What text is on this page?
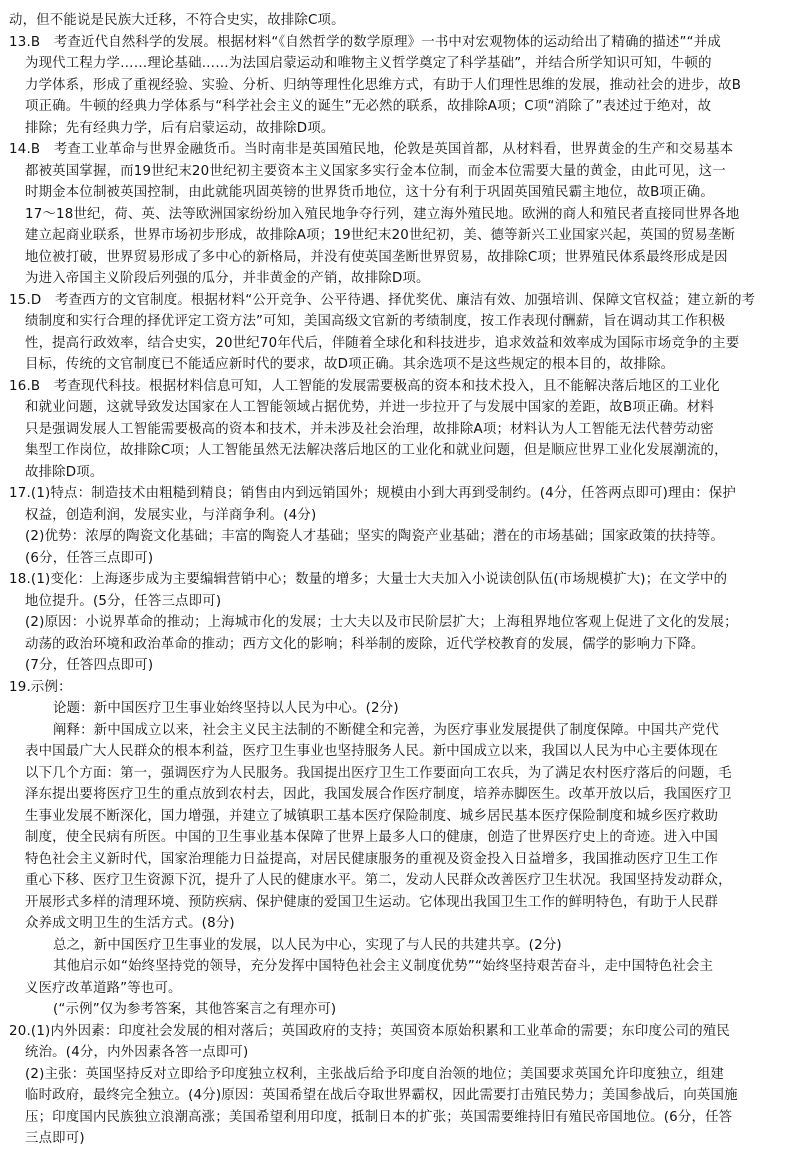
动，但不能说是民族大迁移，不符合史实，故排除C项。
13.B　考查近代自然科学的发展。根据材料“《自然哲学的数学原理》一书中对宏观物体的运动给出了精确的描述”“并成
为现代工程力学……理论基础……为法国启蒙运动和唯物主义哲学奠定了科学基础”，并结合所学知识可知，牛顿的
力学体系，形成了重视经验、实验、分析、归纳等理性化思维方式，有助于人们理性思维的发展，推动社会的进步，故B
项正确。牛顿的经典力学体系与“科学社会主义的诞生”无必然的联系，故排除A项；C项“消除了”表述过于绝对，故
排除；先有经典力学，后有启蒙运动，故排除D项。
14.B　考查工业革命与世界金融货币。当时南非是英国殖民地，伦敦是英国首都，从材料看，世界黄金的生产和交易基本
都被英国掌握，而19世纪末20世纪初主要资本主义国家多实行金本位制，而金本位需要大量的黄金，由此可见，这一
时期金本位制被英国控制，由此就能巩固英镑的世界货币地位，这十分有利于巩固英国殖民霸主地位，故B项正确。
17～18世纪，荷、英、法等欧洲国家纷纷加入殖民地争夺行列，建立海外殖民地。欧洲的商人和殖民者直接同世界各地
建立起商业联系，世界市场初步形成，故排除A项；19世纪末20世纪初，美、德等新兴工业国家兴起，英国的贸易垄断
地位被打破，世界贸易形成了多中心的新格局，并没有使英国垄断世界贸易，故排除C项；世界殖民体系最终形成是因
为进入帝国主义阶段后列强的瓜分，并非黄金的产销，故排除D项。
15.D　考查西方的文官制度。根据材料“公开竞争、公平待遇、择优奖优、廉洁有效、加强培训、保障文官权益；建立新的考
绩制度和实行合理的择优评定工资方法”可知，美国高级文官新的考绩制度，按工作表现付酬薪，旨在调动其工作积极
性，提高行政效率，结合史实，20世纪70年代后，伴随着全球化和科技进步，追求效益和效率成为国际市场竞争的主要
目标，传统的文官制度已不能适应新时代的要求，故D项正确。其余选项不是这些规定的根本目的，故排除。
16.B　考查现代科技。根据材料信息可知，人工智能的发展需要极高的资本和技术投入，且不能解决落后地区的工业化
和就业问题，这就导致发达国家在人工智能领域占据优势，并进一步拉开了与发展中国家的差距，故B项正确。材料
只是强调发展人工智能需要极高的资本和技术，并未涉及社会治理，故排除A项；材料认为人工智能无法代替劳动密
集型工作岗位，故排除C项；人工智能虽然无法解决落后地区的工业化和就业问题，但是顺应世界工业化发展潮流的，
故排除D项。
17.(1)特点：制造技术由粗糙到精良；销售由内到远销国外；规模由小到大再到受制约。(4分，任答两点即可)理由：保护
权益，创造利润，发展实业，与洋商争利。(4分)
(2)优势：浓厚的陶瓷文化基础；丰富的陶瓷人才基础；坚实的陶瓷产业基础；潜在的市场基础；国家政策的扶持等。
(6分，任答三点即可)
18.(1)变化：上海逐步成为主要编辑营销中心；数量的增多；大量士大夫加入小说读创队伍(市场规模扩大)；在文学中的
地位提升。(5分，任答三点即可)
(2)原因：小说界革命的推动；上海城市化的发展；士大夫以及市民阶层扩大；上海租界地位客观上促进了文化的发展；
动荡的政治环境和政治革命的推动；西方文化的影响；科举制的废除，近代学校教育的发展，儒学的影响力下降。
(7分，任答四点即可)
19.示例：
论题：新中国医疗卫生事业始终坚持以人民为中心。(2分)
阐释：新中国成立以来，社会主义民主法制的不断健全和完善，为医疗事业发展提供了制度保障。中国共产党代
表中国最广大人民群众的根本利益，医疗卫生事业也坚持服务人民。新中国成立以来，我国以人民为中心主要体现在
以下几个方面：第一，强调医疗为人民服务。我国提出医疗卫生工作要面向工农兵，为了满足农村医疗落后的问题，毛
泽东提出要将医疗卫生的重点放到农村去，因此，我国发展合作医疗制度，培养赤脚医生。改革开放以后，我国医疗卫
生事业发展不断深化，国力增强，并建立了城镇职工基本医疗保险制度、城乡居民基本医疗保险制度和城乡医疗救助
制度，使全民病有所医。中国的卫生事业基本保障了世界上最多人口的健康，创造了世界医疗史上的奇迹。进入中国
特色社会主义新时代，国家治理能力日益提高，对居民健康服务的重视及资金投入日益增多，我国推动医疗卫生工作
重心下移、医疗卫生资源下沉，提升了人民的健康水平。第二，发动人民群众改善医疗卫生状况。我国坚持发动群众，
开展形式多样的清理环境、预防疾病、保护健康的爱国卫生运动。它体现出我国卫生工作的鲜明特色，有助于人民群
众养成文明卫生的生活方式。(8分)
总之，新中国医疗卫生事业的发展，以人民为中心，实现了与人民的共建共享。(2分)
其他启示如“始终坚持党的领导，充分发挥中国特色社会主义制度优势”“始终坚持艰苦奋斗，走中国特色社会主
义医疗改革道路”等也可。
(“示例”仅为参考答案，其他答案言之有理亦可)
20.(1)内外因素：印度社会发展的相对落后；英国政府的支持；英国资本原始积累和工业革命的需要；东印度公司的殖民
统治。(4分，内外因素各答一点即可)
(2)主张：英国坚持反对立即给予印度独立权利，主张战后给予印度自治领的地位；美国要求英国允许印度独立，组建
临时政府，最终完全独立。(4分)原因：英国希望在战后夺取世界霸权，因此需要打击殖民势力；美国参战后，向英国施
压；印度国内民族独立浪潮高涨；美国希望利用印度，抵制日本的扩张；英国需要维持旧有殖民帝国地位。(6分，任答
三点即可)
